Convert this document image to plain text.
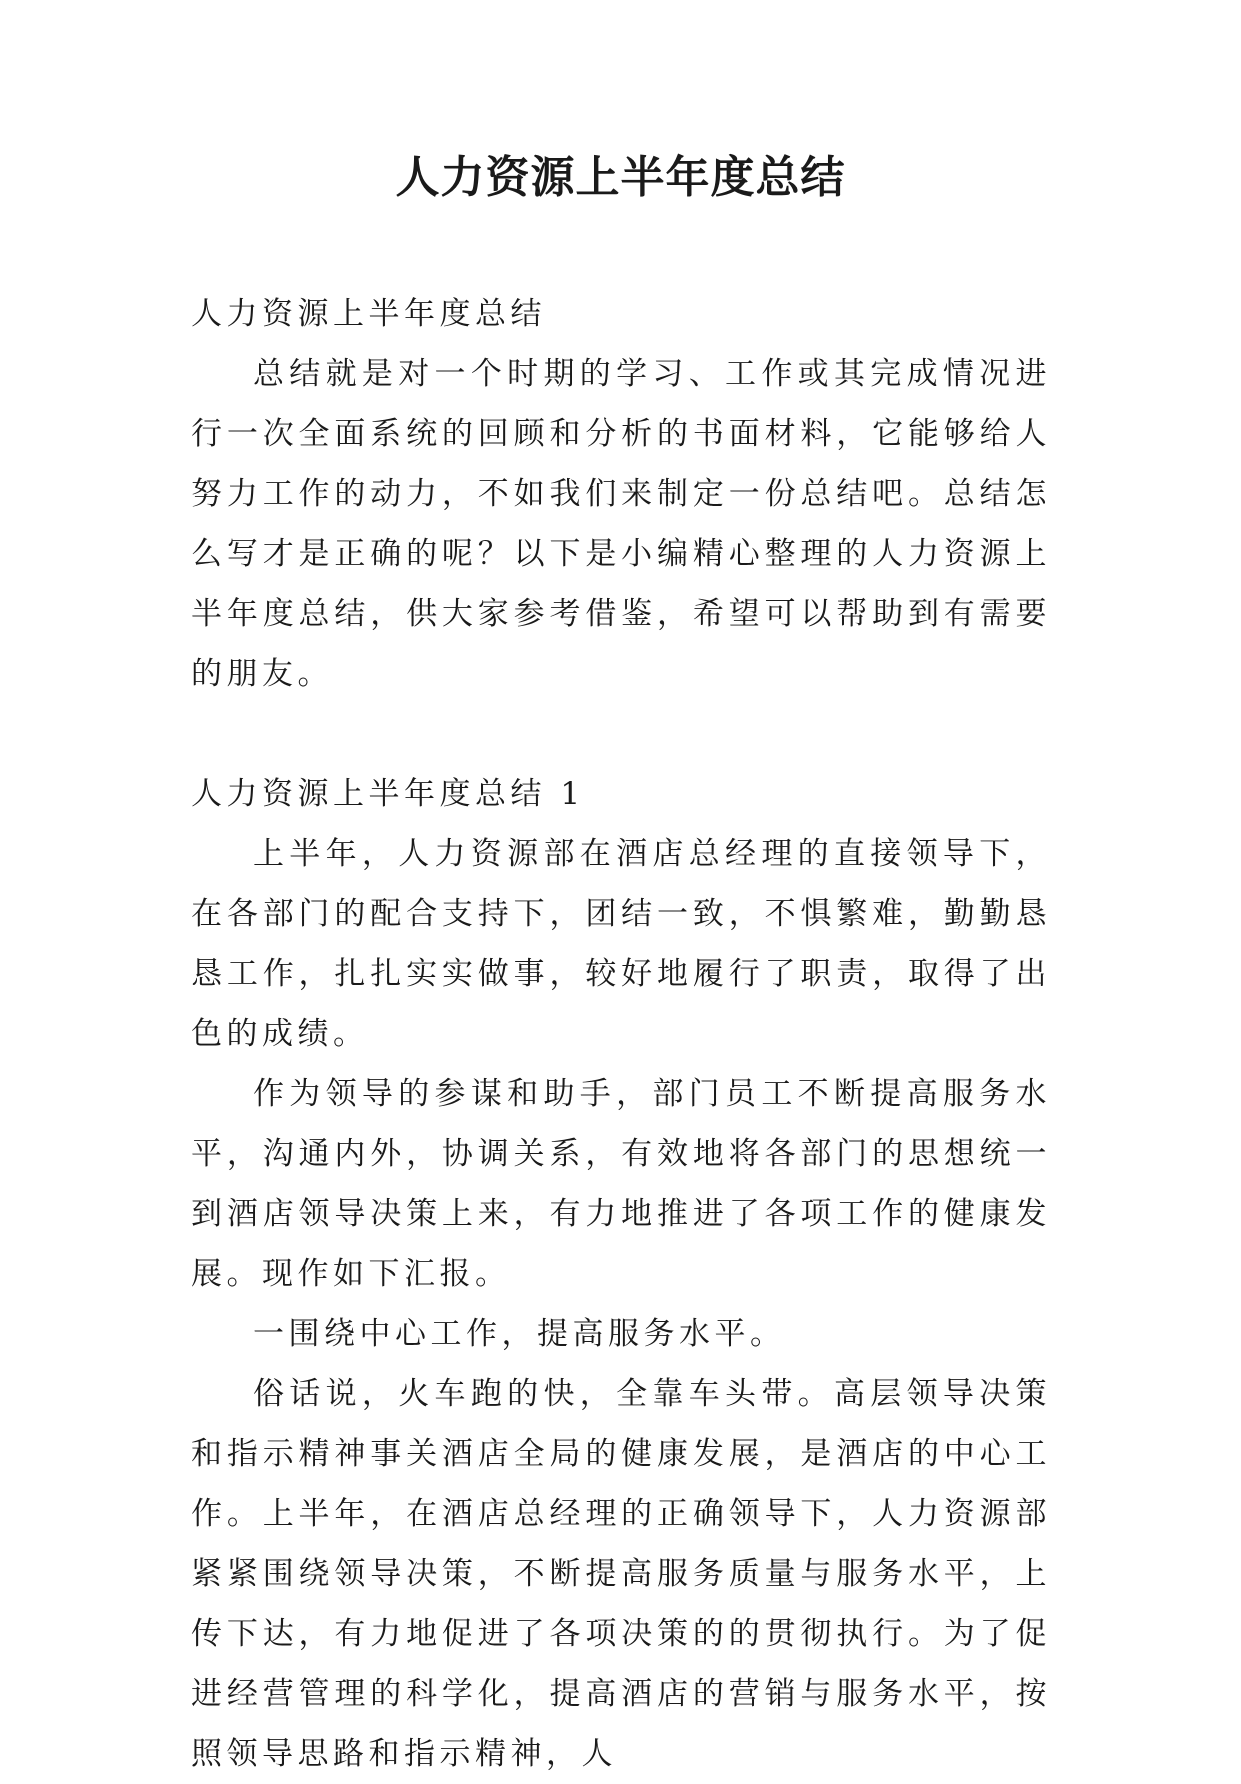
人力资源上半年度总结

人力资源上半年度总结

总结就是对一个时期的学习、工作或其完成情况进行一次全面系统的回顾和分析的书面材料，它能够给人努力工作的动力，不如我们来制定一份总结吧。总结怎么写才是正确的呢？以下是小编精心整理的人力资源上半年度总结，供大家参考借鉴，希望可以帮助到有需要的朋友。

人力资源上半年度总结 1

上半年，人力资源部在酒店总经理的直接领导下，在各部门的配合支持下，团结一致，不惧繁难，勤勤恳恳工作，扎扎实实做事，较好地履行了职责，取得了出色的成绩。

作为领导的参谋和助手，部门员工不断提高服务水平，沟通内外，协调关系，有效地将各部门的思想统一到酒店领导决策上来，有力地推进了各项工作的健康发展。现作如下汇报。

一围绕中心工作，提高服务水平。

俗话说，火车跑的快，全靠车头带。高层领导决策和指示精神事关酒店全局的健康发展，是酒店的中心工作。上半年，在酒店总经理的正确领导下，人力资源部紧紧围绕领导决策，不断提高服务质量与服务水平，上传下达，有力地促进了各项决策的的贯彻执行。为了促进经营管理的科学化，提高酒店的营销与服务水平，按照领导思路和指示精神，人
